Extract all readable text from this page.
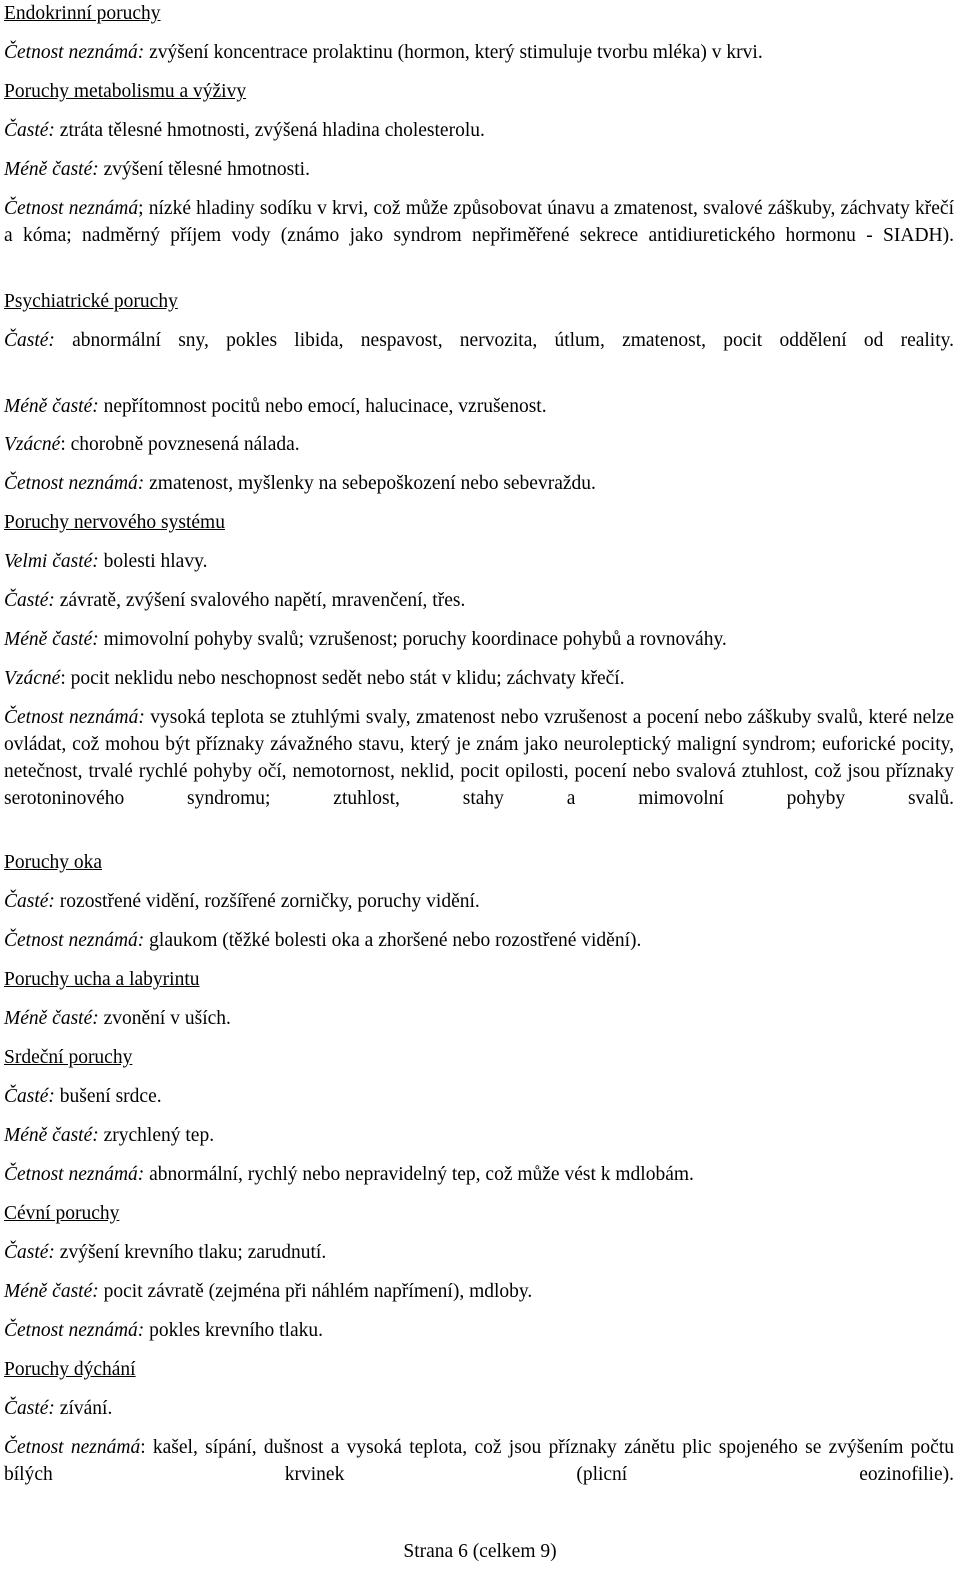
Endokrinní poruchy
Četnost neznámá: zvýšení koncentrace prolaktinu (hormon, který stimuluje tvorbu mléka) v krvi.
Poruchy metabolismu a výživy
Časté: ztráta tělesné hmotnosti, zvýšená hladina cholesterolu.
Méně časté: zvýšení tělesné hmotnosti.
Četnost neznámá; nízké hladiny sodíku v krvi, což může způsobovat únavu a zmatenost, svalové záškuby, záchvaty křečí a kóma; nadměrný příjem vody (známo jako syndrom nepřiměřené sekrece antidiuretického hormonu - SIADH).
Psychiatrické poruchy
Časté: abnormální sny, pokles libida, nespavost, nervozita, útlum, zmatenost, pocit oddělení od reality.
Méně časté: nepřítomnost pocitů nebo emocí, halucinace, vzrušenost.
Vzácné: chorobně povznesená nálada.
Četnost neznámá: zmatenost, myšlenky na sebepoškození nebo sebevraždu.
Poruchy nervového systému
Velmi časté: bolesti hlavy.
Časté: závratě, zvýšení svalového napětí, mravenčení, třes.
Méně časté: mimovolní pohyby svalů; vzrušenost; poruchy koordinace pohybů a rovnováhy.
Vzácné: pocit neklidu nebo neschopnost sedět nebo stát v klidu; záchvaty křečí.
Četnost neznámá: vysoká teplota se ztuhlými svaly, zmatenost nebo vzrušenost a pocení nebo záškuby svalů, které nelze ovládat, což mohou být příznaky závažného stavu, který je znám jako neuroleptický maligní syndrom; euforické pocity, netečnost, trvalé rychlé pohyby očí, nemotornost, neklid, pocit opilosti, pocení nebo svalová ztuhlost, což jsou příznaky serotoninového syndromu; ztuhlost, stahy a mimovolní pohyby svalů.
Poruchy oka
Časté: rozostřené vidění, rozšířené zorničky, poruchy vidění.
Četnost neznámá: glaukom (těžké bolesti oka a zhoršené nebo rozostřené vidění).
Poruchy ucha a labyrintu
Méně časté: zvonění v uších.
Srdeční poruchy
Časté: bušení srdce.
Méně časté: zrychlený tep.
Četnost neznámá: abnormální, rychlý nebo nepravidelný tep, což může vést k mdlobám.
Cévní poruchy
Časté: zvýšení krevního tlaku; zarudnutí.
Méně časté: pocit závratě (zejména při náhlém napřímení), mdloby.
Četnost neznámá: pokles krevního tlaku.
Poruchy dýchání
Časté: zívání.
Četnost neznámá: kašel, sípání, dušnost a vysoká teplota, což jsou příznaky zánětu plic spojeného se zvýšením počtu bílých krvinek (plicní eozinofilie).
Strana 6 (celkem 9)
